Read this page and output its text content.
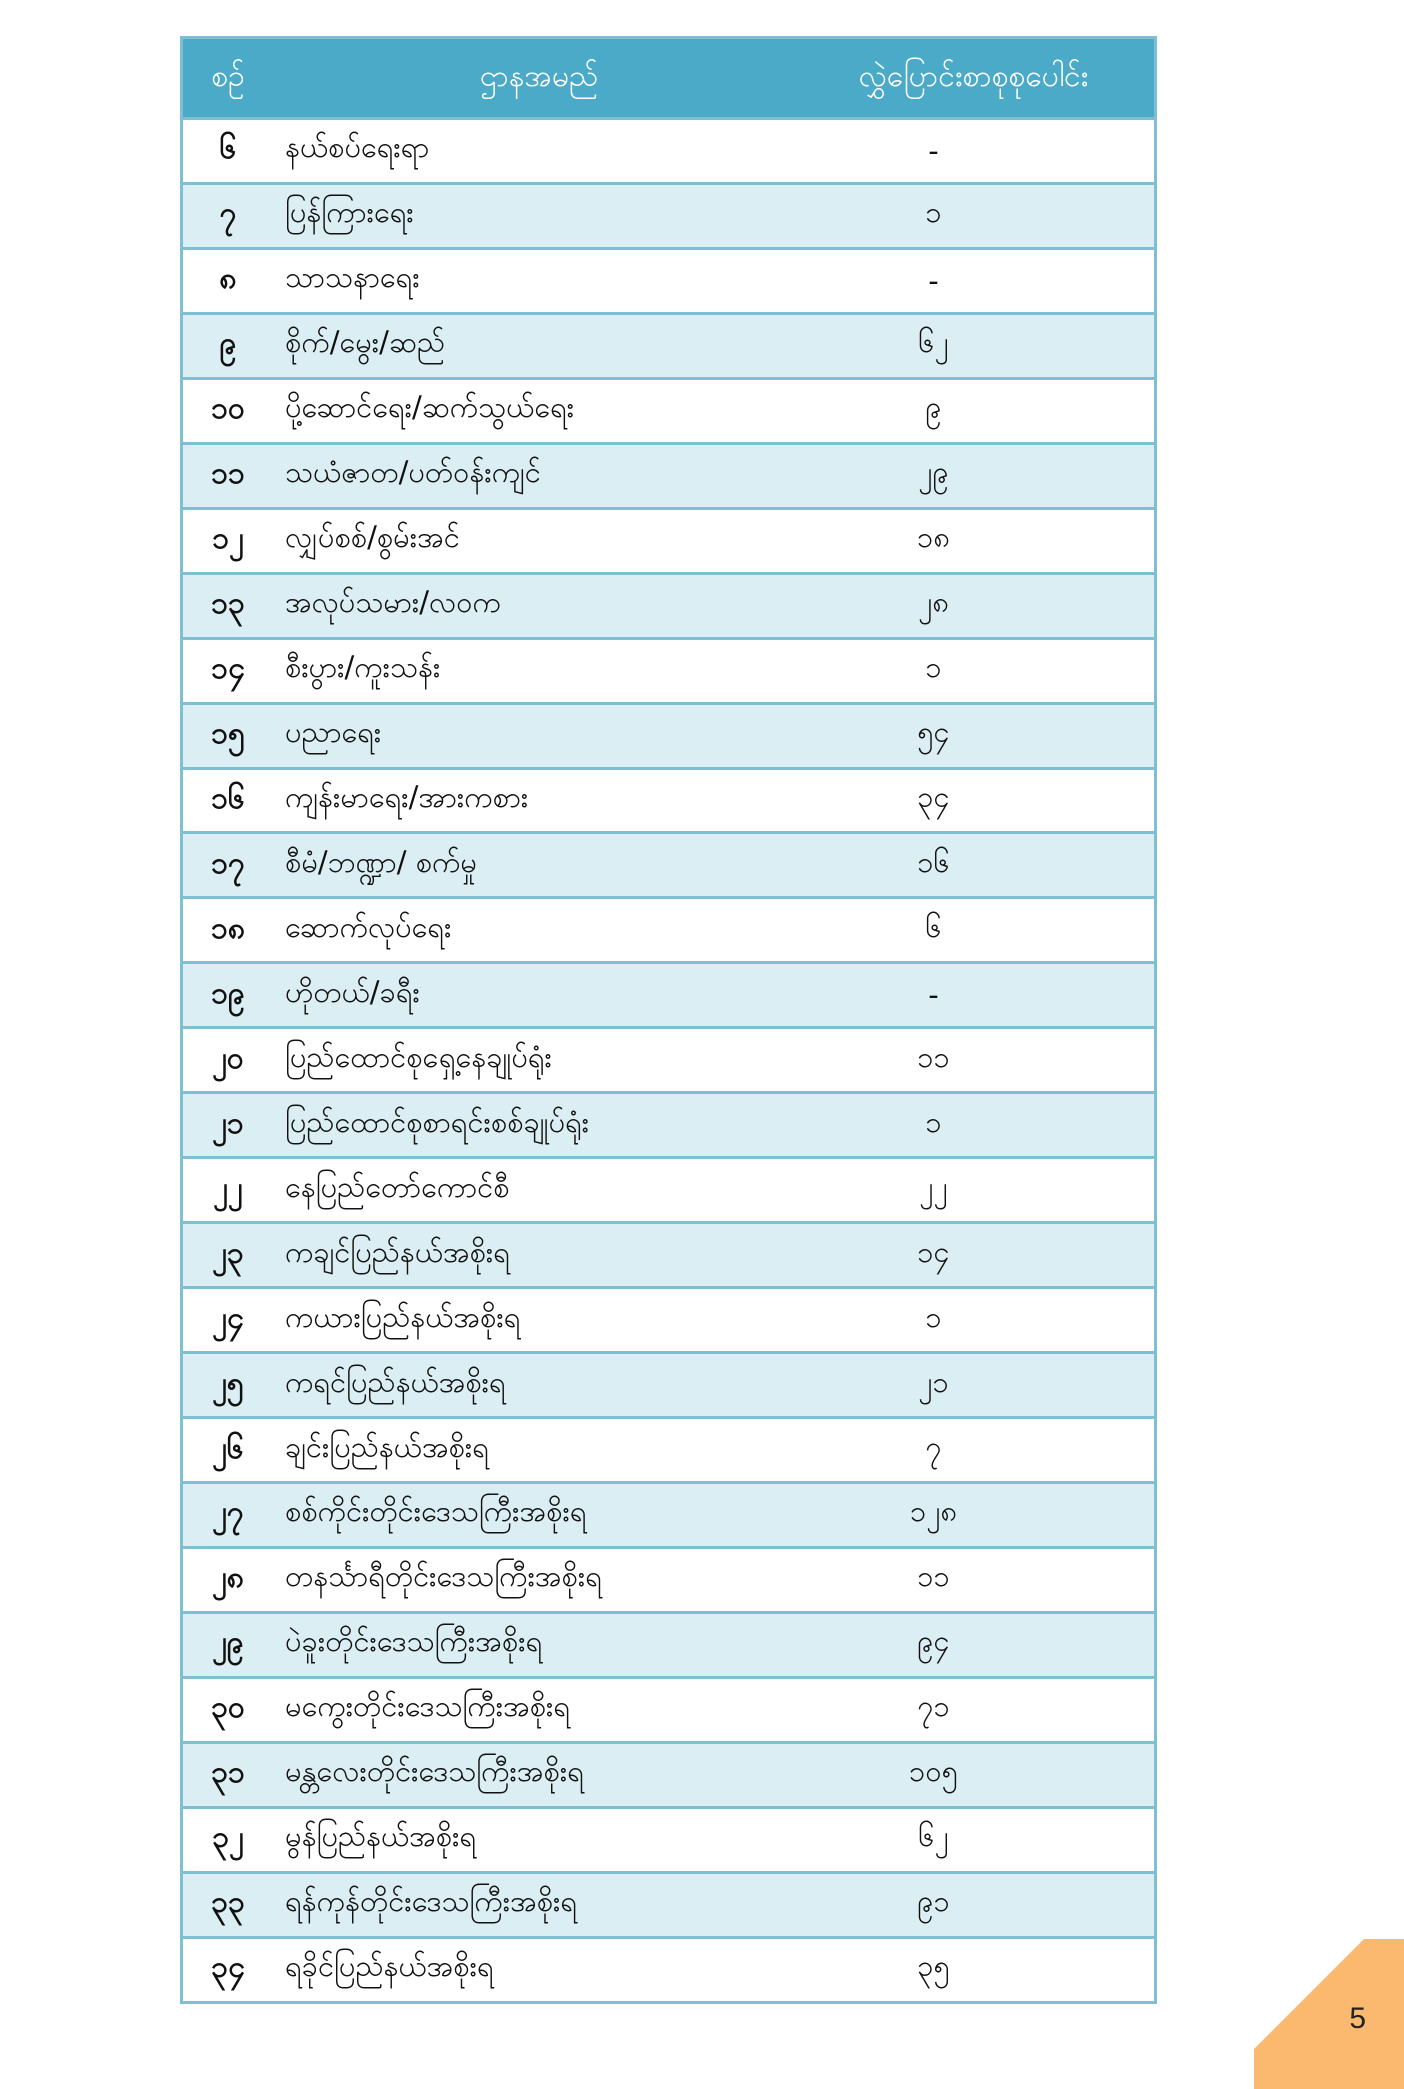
စဉ်	ဌာနအမည်	လွှဲပြောင်းစာစုစုပေါင်း
၆	နယ်စပ်ရေးရာ	-
၇	ပြန်ကြားရေး	၁
၈	သာသနာရေး	-
၉	စိုက်/မွေး/ဆည်	၆၂
၁၀	ပို့ဆောင်ရေး/ဆက်သွယ်ရေး	၉
၁၁	သယံဇာတ/ပတ်ဝန်းကျင်	၂၉
၁၂	လျှပ်စစ်/စွမ်းအင်	၁၈
၁၃	အလုပ်သမား/လဝက	၂၈
၁၄	စီးပွား/ကူးသန်း	၁
၁၅	ပညာရေး	၅၄
၁၆	ကျန်းမာရေး/အားကစား	၃၄
၁၇	စီမံ/ဘဏ္ဍာ/ စက်မှု	၁၆
၁၈	ဆောက်လုပ်ရေး	၆
၁၉	ဟိုတယ်/ခရီး	-
၂၀	ပြည်ထောင်စုရှေ့နေချုပ်ရုံး	၁၁
၂၁	ပြည်ထောင်စုစာရင်းစစ်ချုပ်ရုံး	၁
၂၂	နေပြည်တော်ကောင်စီ	၂၂
၂၃	ကချင်ပြည်နယ်အစိုးရ	၁၄
၂၄	ကယားပြည်နယ်အစိုးရ	၁
၂၅	ကရင်ပြည်နယ်အစိုးရ	၂၁
၂၆	ချင်းပြည်နယ်အစိုးရ	၇
၂၇	စစ်ကိုင်းတိုင်းဒေသကြီးအစိုးရ	၁၂၈
၂၈	တနင်္သာရီတိုင်းဒေသကြီးအစိုးရ	၁၁
၂၉	ပဲခူးတိုင်းဒေသကြီးအစိုးရ	၉၄
၃၀	မကွေးတိုင်းဒေသကြီးအစိုးရ	၇၁
၃၁	မန္တလေးတိုင်းဒေသကြီးအစိုးရ	၁၀၅
၃၂	မွန်ပြည်နယ်အစိုးရ	၆၂
၃၃	ရန်ကုန်တိုင်းဒေသကြီးအစိုးရ	၉၁
၃၄	ရခိုင်ပြည်နယ်အစိုးရ	၃၅
5
